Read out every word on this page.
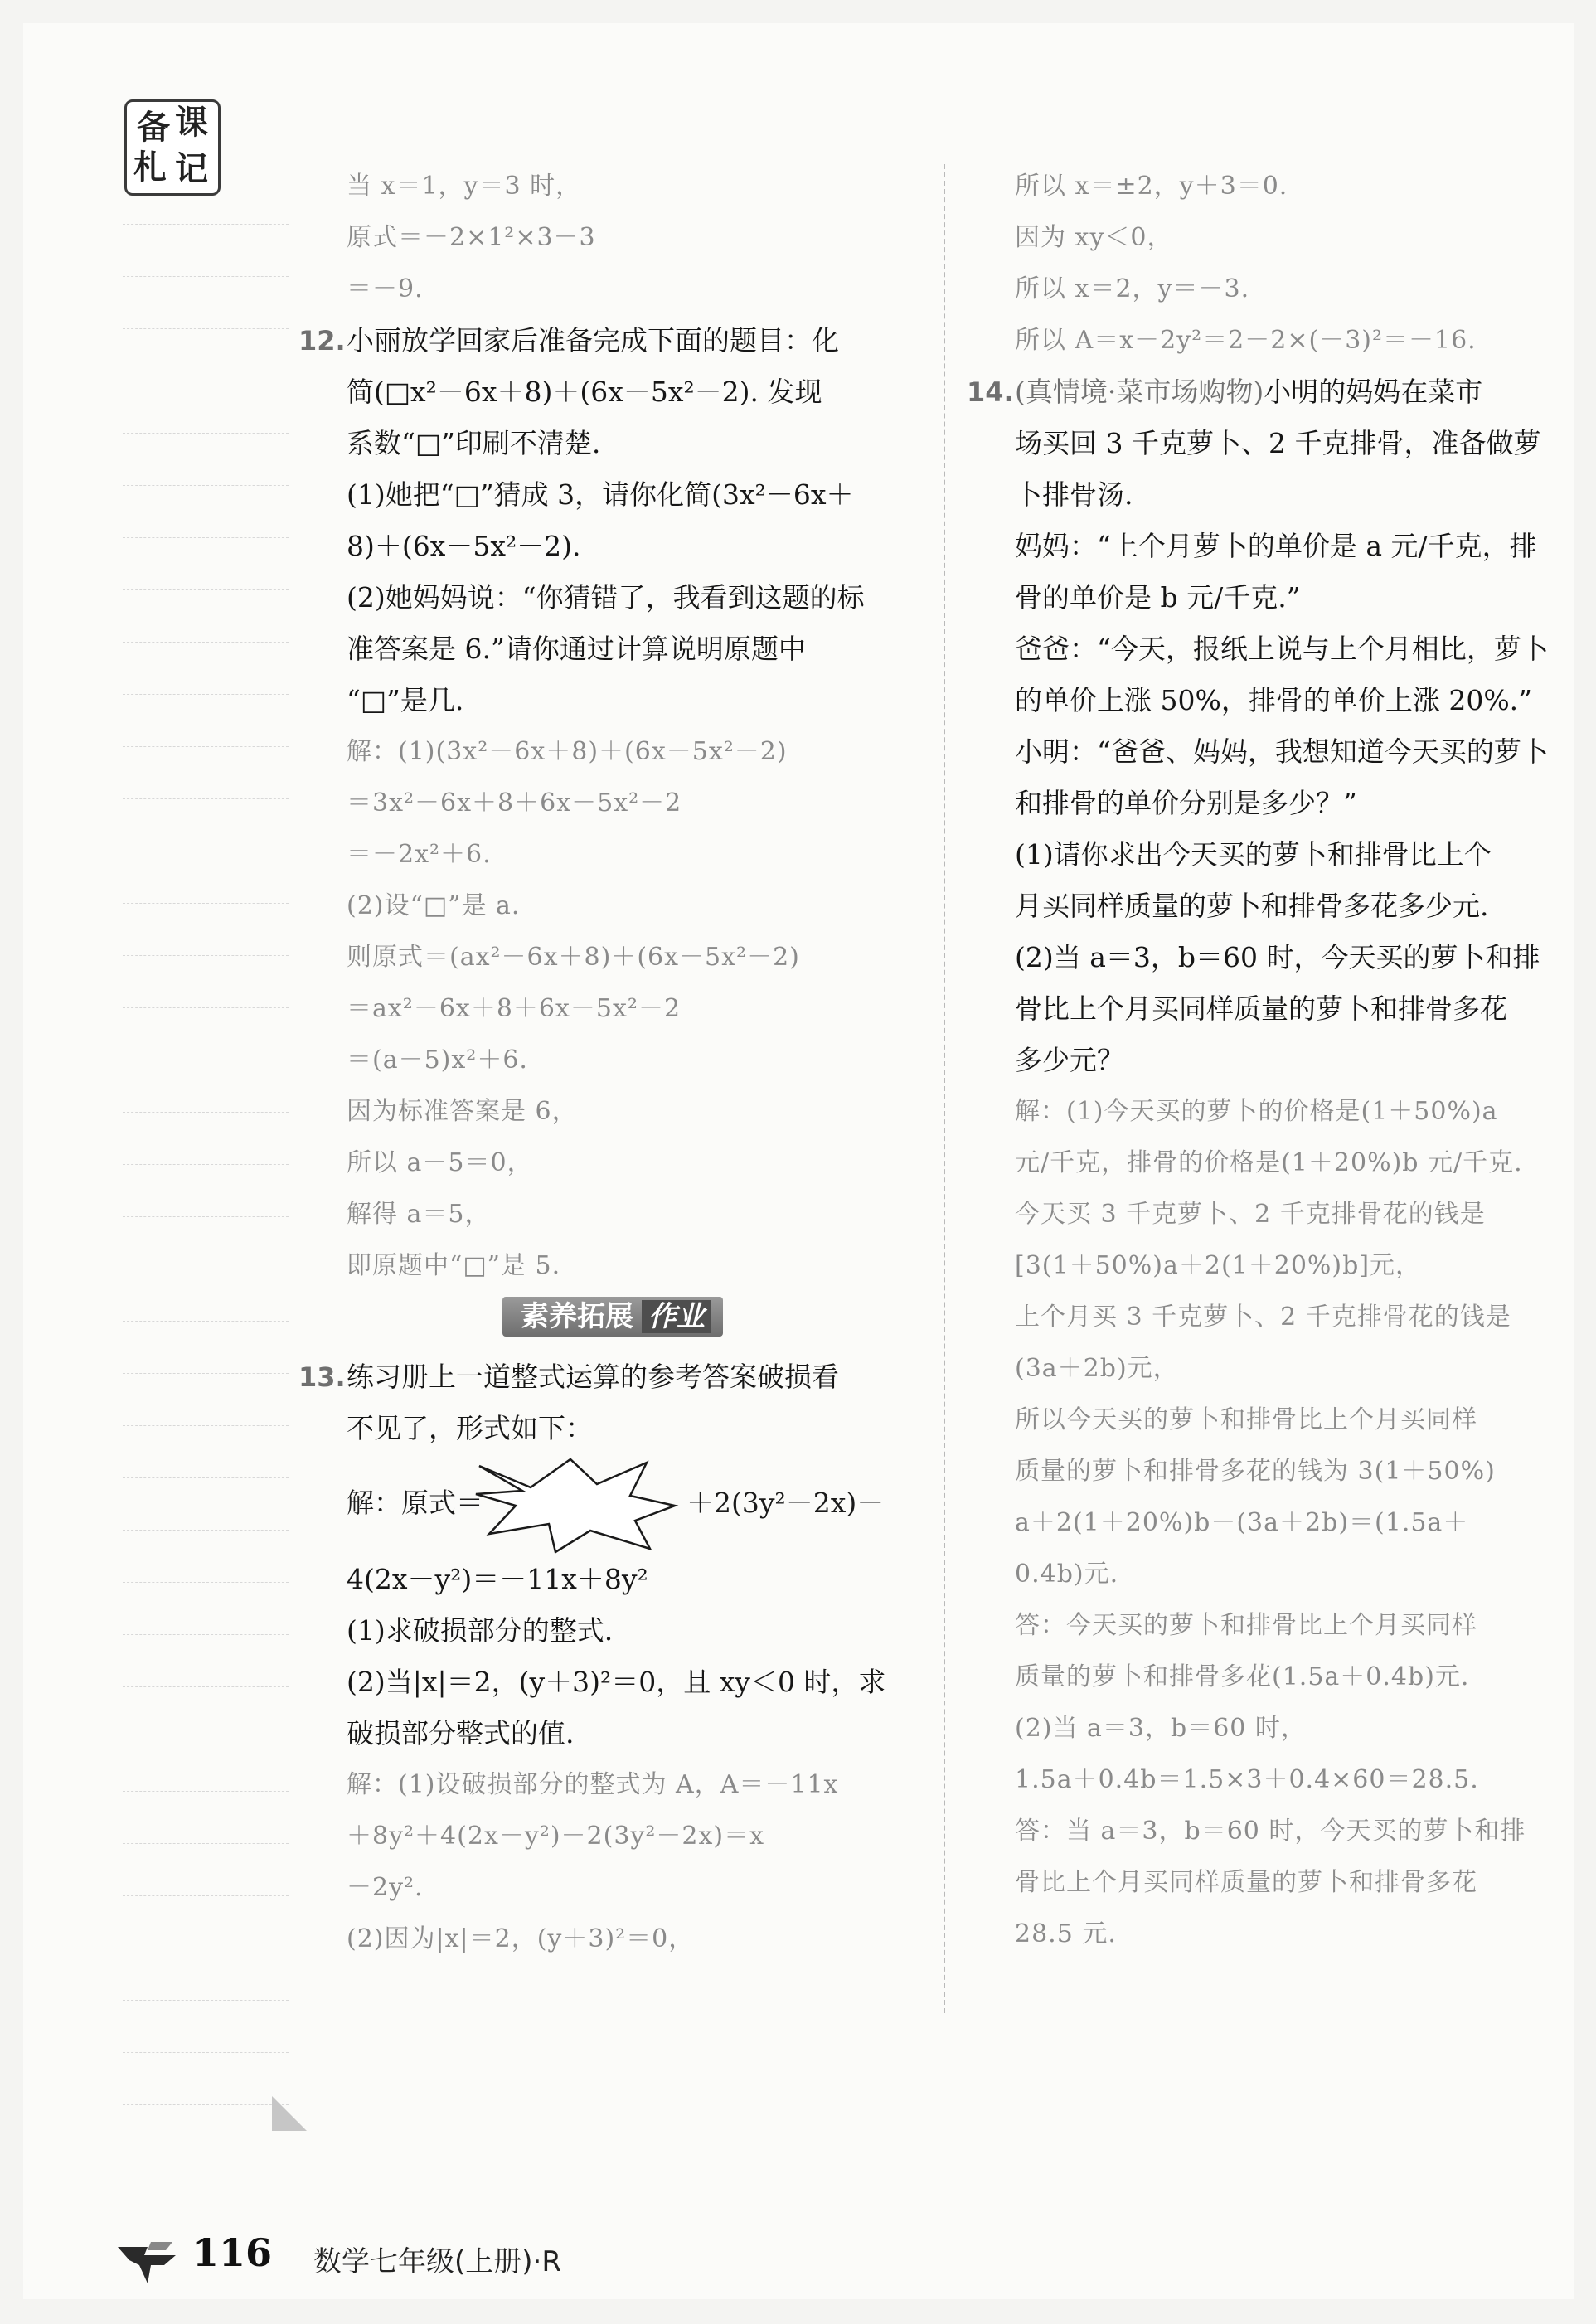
备 课
札 记	当 x＝1，y＝3 时，
原式＝－2×1²×3－3
＝－9.
12. 小丽放学回家后准备完成下面的题目：化
简(□x²－6x＋8)＋(6x－5x²－2). 发现
系数“□”印刷不清楚.
(1)她把“□”猜成 3，请你化简(3x²－6x＋
8)＋(6x－5x²－2).
(2)她妈妈说：“你猜错了，我看到这题的标
准答案是 6.”请你通过计算说明原题中
“□”是几.
解：(1)(3x²－6x＋8)＋(6x－5x²－2)
＝3x²－6x＋8＋6x－5x²－2
＝－2x²＋6.
(2)设“□”是 a.
则原式＝(ax²－6x＋8)＋(6x－5x²－2)
＝ax²－6x＋8＋6x－5x²－2
＝(a－5)x²＋6.
因为标准答案是 6，
所以 a－5＝0，
解得 a＝5，
即原题中“□”是 5.
素养拓展 作业
13. 练习册上一道整式运算的参考答案破损看
不见了，形式如下：
解：原式＝	＋2(3y²－2x)－
4(2x－y²)＝－11x＋8y²
(1)求破损部分的整式.
(2)当|x|＝2，(y＋3)²＝0，且 xy＜0 时，求
破损部分整式的值.
解：(1)设破损部分的整式为 A，A＝－11x
＋8y²＋4(2x－y²)－2(3y²－2x)＝x
－2y².
(2)因为|x|＝2，(y＋3)²＝0，
所以 x＝±2，y＋3＝0.
因为 xy＜0，
所以 x＝2，y＝－3.
所以 A＝x－2y²＝2－2×(－3)²＝－16.
14. (真情境·菜市场购物)小明的妈妈在菜市
场买回 3 千克萝卜、2 千克排骨，准备做萝
卜排骨汤.
妈妈：“上个月萝卜的单价是 a 元/千克，排
骨的单价是 b 元/千克.”
爸爸：“今天，报纸上说与上个月相比，萝卜
的单价上涨 50%，排骨的单价上涨 20%.”
小明：“爸爸、妈妈，我想知道今天买的萝卜
和排骨的单价分别是多少？”
(1)请你求出今天买的萝卜和排骨比上个
月买同样质量的萝卜和排骨多花多少元.
(2)当 a＝3，b＝60 时，今天买的萝卜和排
骨比上个月买同样质量的萝卜和排骨多花
多少元？
解：(1)今天买的萝卜的价格是(1＋50%)a
元/千克，排骨的价格是(1＋20%)b 元/千克.
今天买 3 千克萝卜、2 千克排骨花的钱是
[3(1＋50%)a＋2(1＋20%)b]元，
上个月买 3 千克萝卜、2 千克排骨花的钱是
(3a＋2b)元，
所以今天买的萝卜和排骨比上个月买同样
质量的萝卜和排骨多花的钱为 3(1＋50%)
a＋2(1＋20%)b－(3a＋2b)＝(1.5a＋
0.4b)元.
答：今天买的萝卜和排骨比上个月买同样
质量的萝卜和排骨多花(1.5a＋0.4b)元.
(2)当 a＝3，b＝60 时，
1.5a＋0.4b＝1.5×3＋0.4×60＝28.5.
答：当 a＝3，b＝60 时，今天买的萝卜和排
骨比上个月买同样质量的萝卜和排骨多花
28.5 元.
116 数学七年级(上册)·R
